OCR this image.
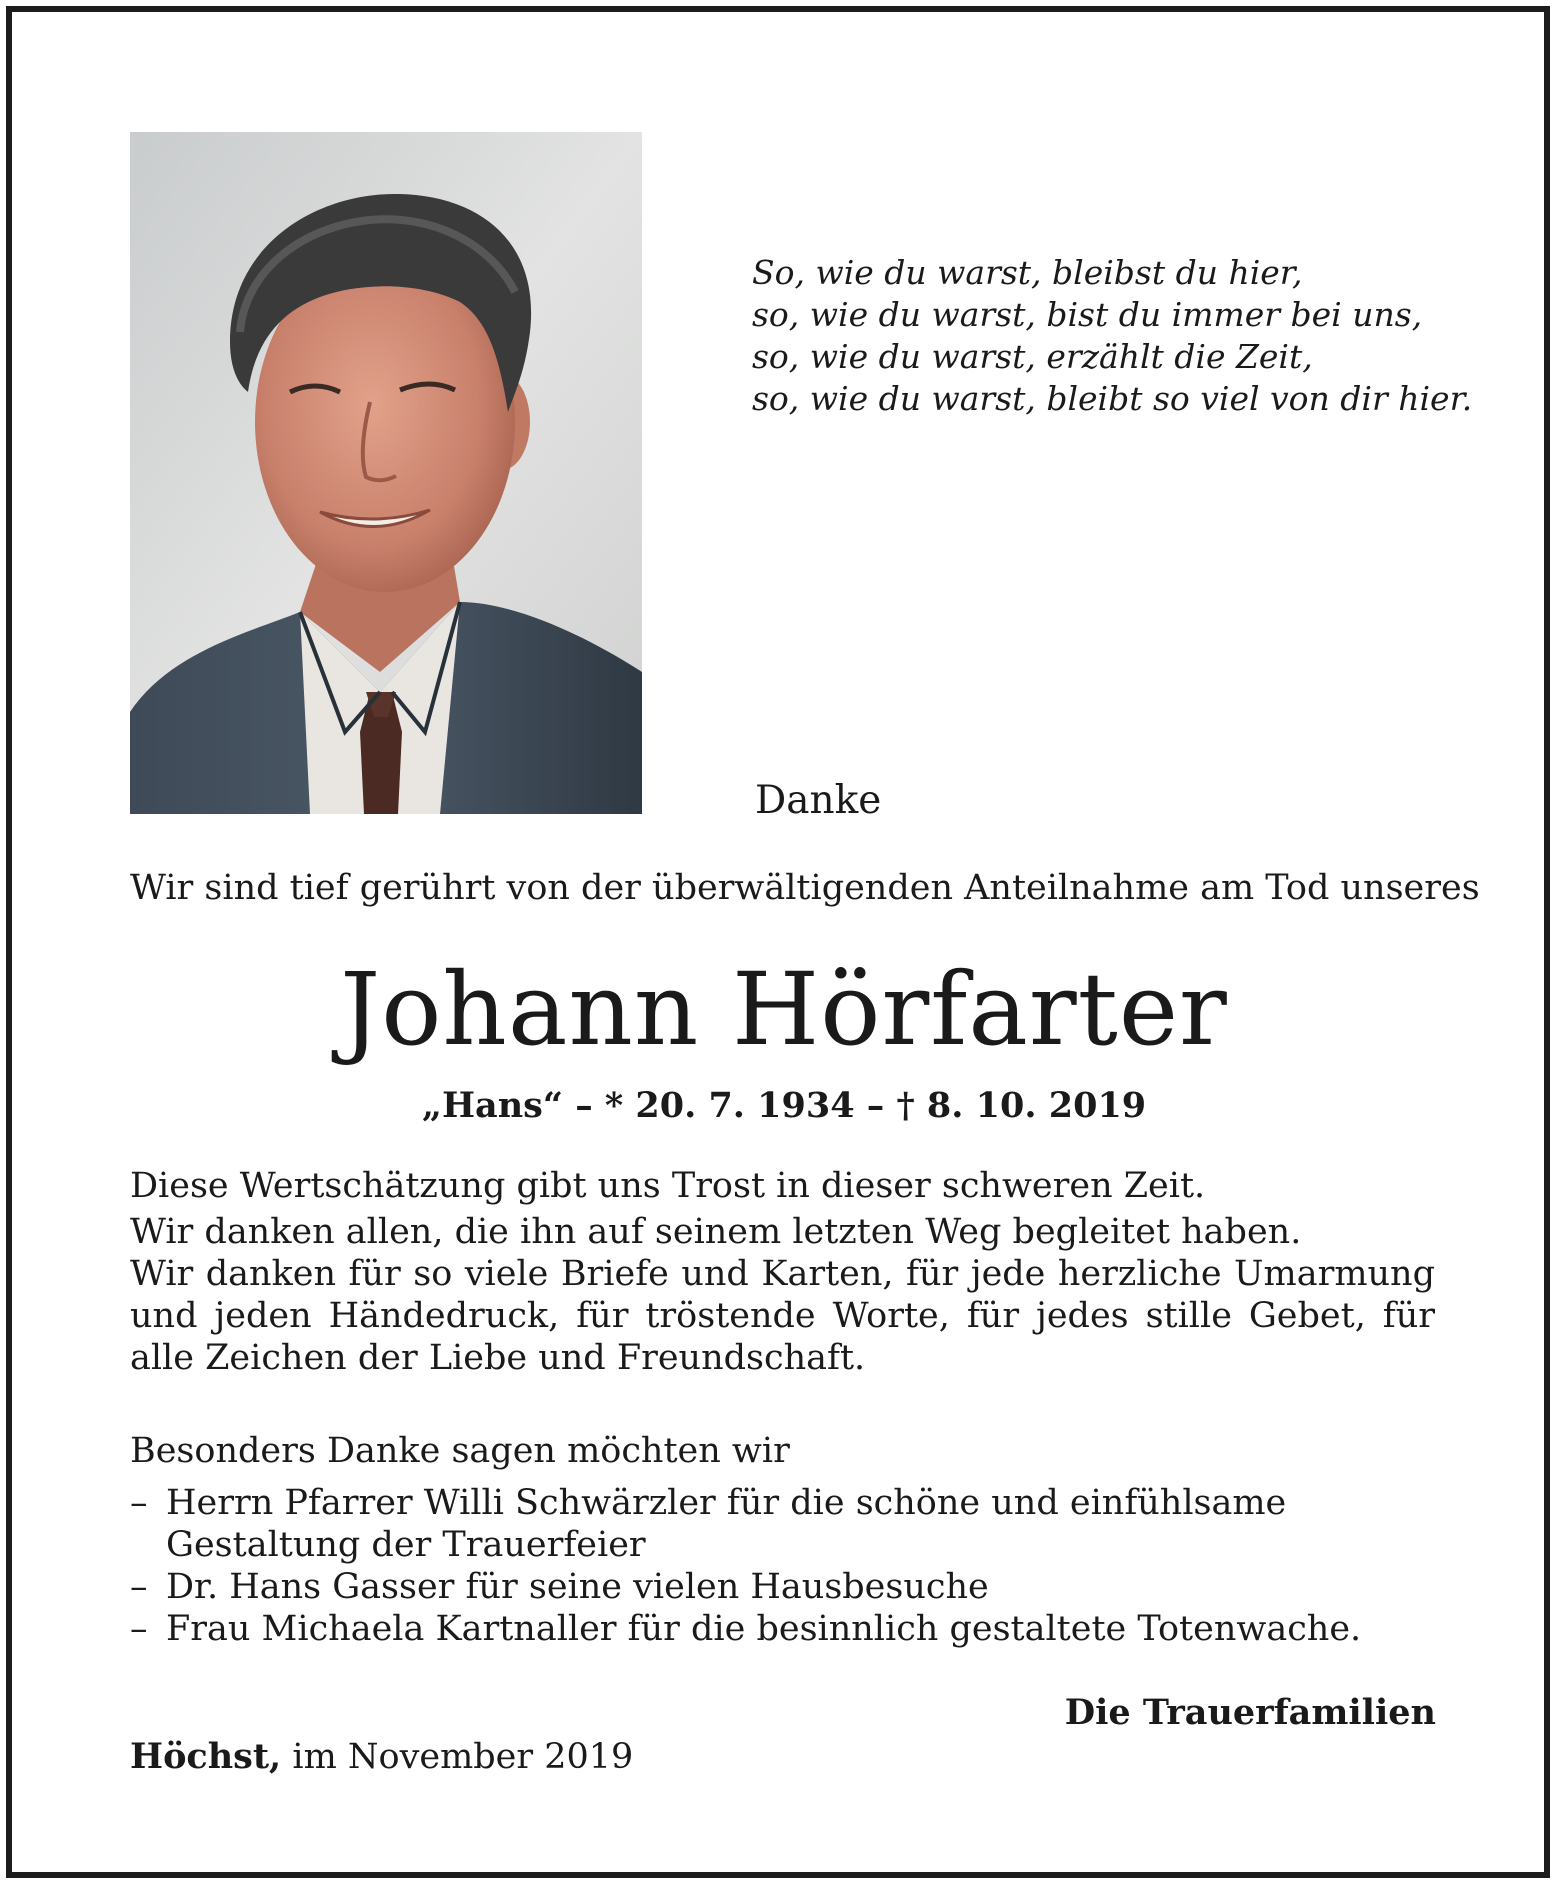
So, wie du warst, bleibst du hier,
so, wie du warst, bist du immer bei uns,
so, wie du warst, erzählt die Zeit,
so, wie du warst, bleibt so viel von dir hier.
Danke
Wir sind tief gerührt von der überwältigenden Anteilnahme am Tod unseres
Johann Hörfarter
„Hans“ – * 20. 7. 1934 – † 8. 10. 2019

Diese Wertschätzung gibt uns Trost in dieser schweren Zeit.

Wir danken allen, die ihn auf seinem letzten Weg begleitet haben.

Wir danken für so viele Briefe und Karten, für jede herzliche Umarmung und jeden Händedruck, für tröstende Worte, für jedes stille Gebet, für alle Zeichen der Liebe und Freundschaft.

Besonders Danke sagen möchten wir
– Herrn Pfarrer Willi Schwärzler für die schöne und einfühlsame Gestaltung der Trauerfeier
– Dr. Hans Gasser für seine vielen Hausbesuche
– Frau Michaela Kartnaller für die besinnlich gestaltete Totenwache.
Die Trauerfamilien
Höchst, im November 2019
